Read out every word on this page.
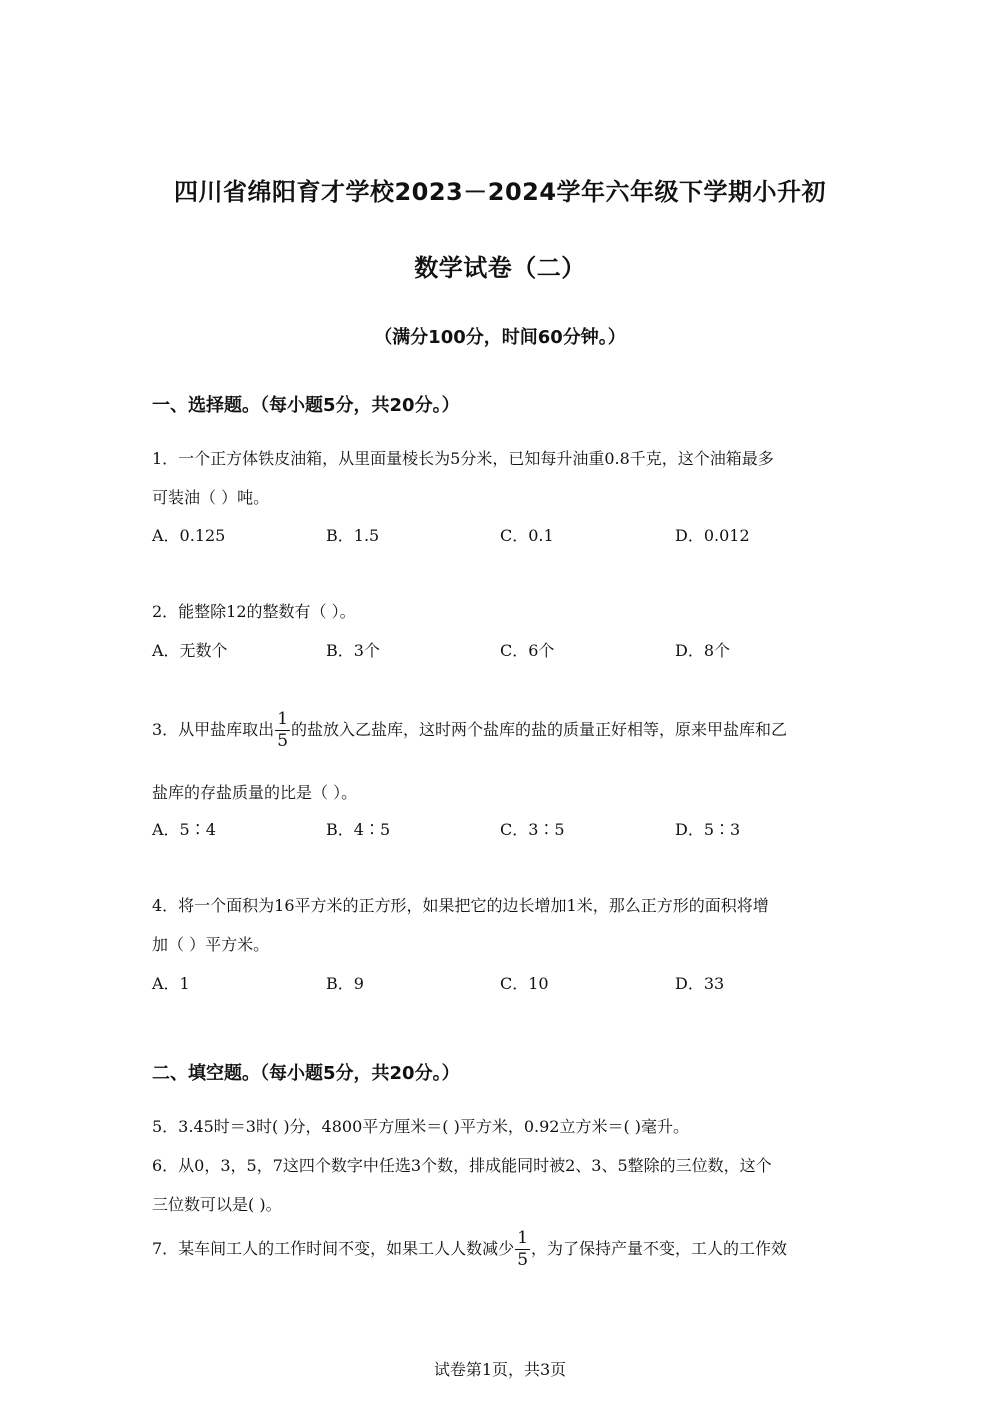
四川省绵阳育才学校2023－2024学年六年级下学期小升初
数学试卷（二）
（满分100分，时间60分钟。）
一、选择题。（每小题5分，共20分。）
1．一个正方体铁皮油箱，从里面量棱长为5分米，已知每升油重0.8千克，这个油箱最多
可装油（ ）吨。
A．0.125	B．1.5	C．0.1	D．0.012
2．能整除12的整数有（ ）。
A．无数个	B．3个	C．6个	D．8个
3．从甲盐库取出 $\frac{1}{5}$ 的盐放入乙盐库，这时两个盐库的盐的质量正好相等，原来甲盐库和乙
盐库的存盐质量的比是（ ）。
A．5∶4	B．4∶5	C．3∶5	D．5∶3
4．将一个面积为16平方米的正方形，如果把它的边长增加1米，那么正方形的面积将增
加（ ）平方米。
A．1	B．9	C．10	D．33
二、填空题。（每小题5分，共20分。）
5．3.45时＝3时( )分，4800平方厘米＝( )平方米，0.92立方米＝( )毫升。
6．从0，3，5，7这四个数字中任选3个数，排成能同时被2、3、5整除的三位数，这个
三位数可以是( )。
7．某车间工人的工作时间不变，如果工人人数减少 $\frac{1}{5}$ ，为了保持产量不变，工人的工作效
试卷第1页，共3页
